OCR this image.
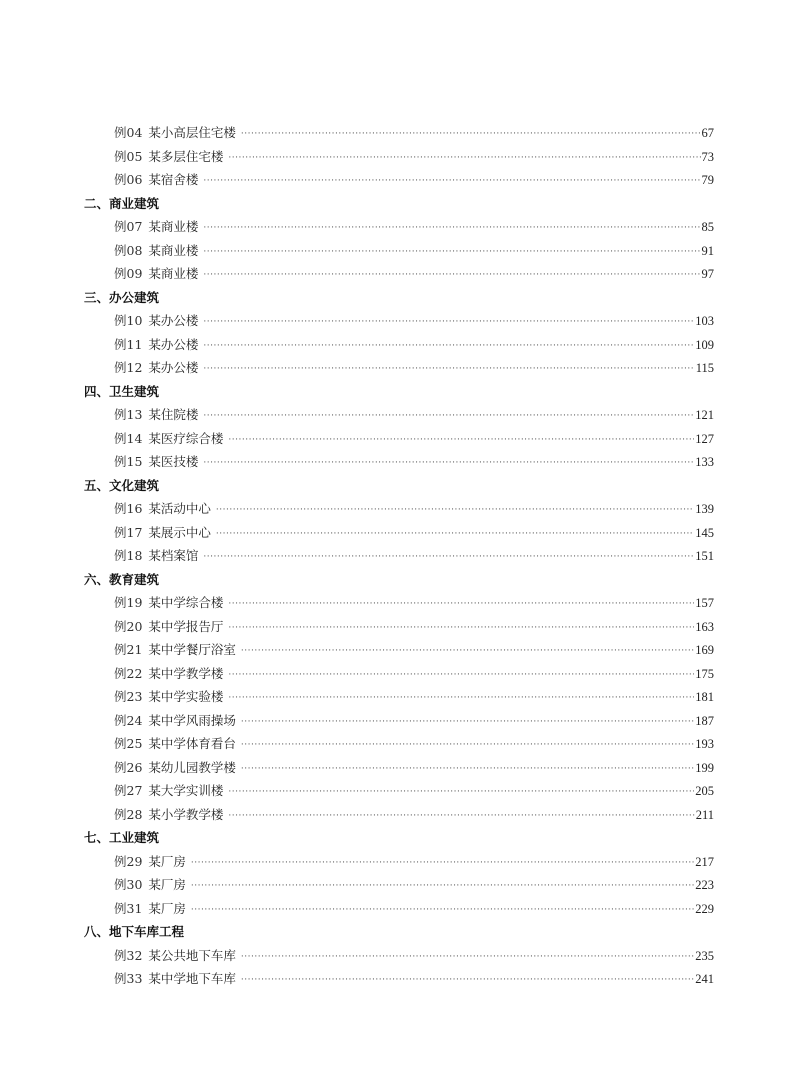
例04 某小高层住宅楼 ·····	67
例05 某多层住宅楼 ·····	73
例06 某宿舍楼 ·····	79
二、商业建筑
例07 某商业楼 ·····	85
例08 某商业楼 ·····	91
例09 某商业楼 ·····	97
三、办公建筑
例10 某办公楼 ·····	103
例11 某办公楼 ·····	109
例12 某办公楼 ·····	115
四、卫生建筑
例13 某住院楼 ·····	121
例14 某医疗综合楼 ·····	127
例15 某医技楼 ·····	133
五、文化建筑
例16 某活动中心 ·····	139
例17 某展示中心 ·····	145
例18 某档案馆 ·····	151
六、教育建筑
例19 某中学综合楼 ·····	157
例20 某中学报告厅 ·····	163
例21 某中学餐厅浴室 ·····	169
例22 某中学教学楼 ·····	175
例23 某中学实验楼 ·····	181
例24 某中学风雨操场 ·····	187
例25 某中学体育看台 ·····	193
例26 某幼儿园教学楼 ·····	199
例27 某大学实训楼 ·····	205
例28 某小学教学楼 ·····	211
七、工业建筑
例29 某厂房 ·····	217
例30 某厂房 ·····	223
例31 某厂房 ·····	229
八、地下车库工程
例32 某公共地下车库 ·····	235
例33 某中学地下车库 ·····	241
